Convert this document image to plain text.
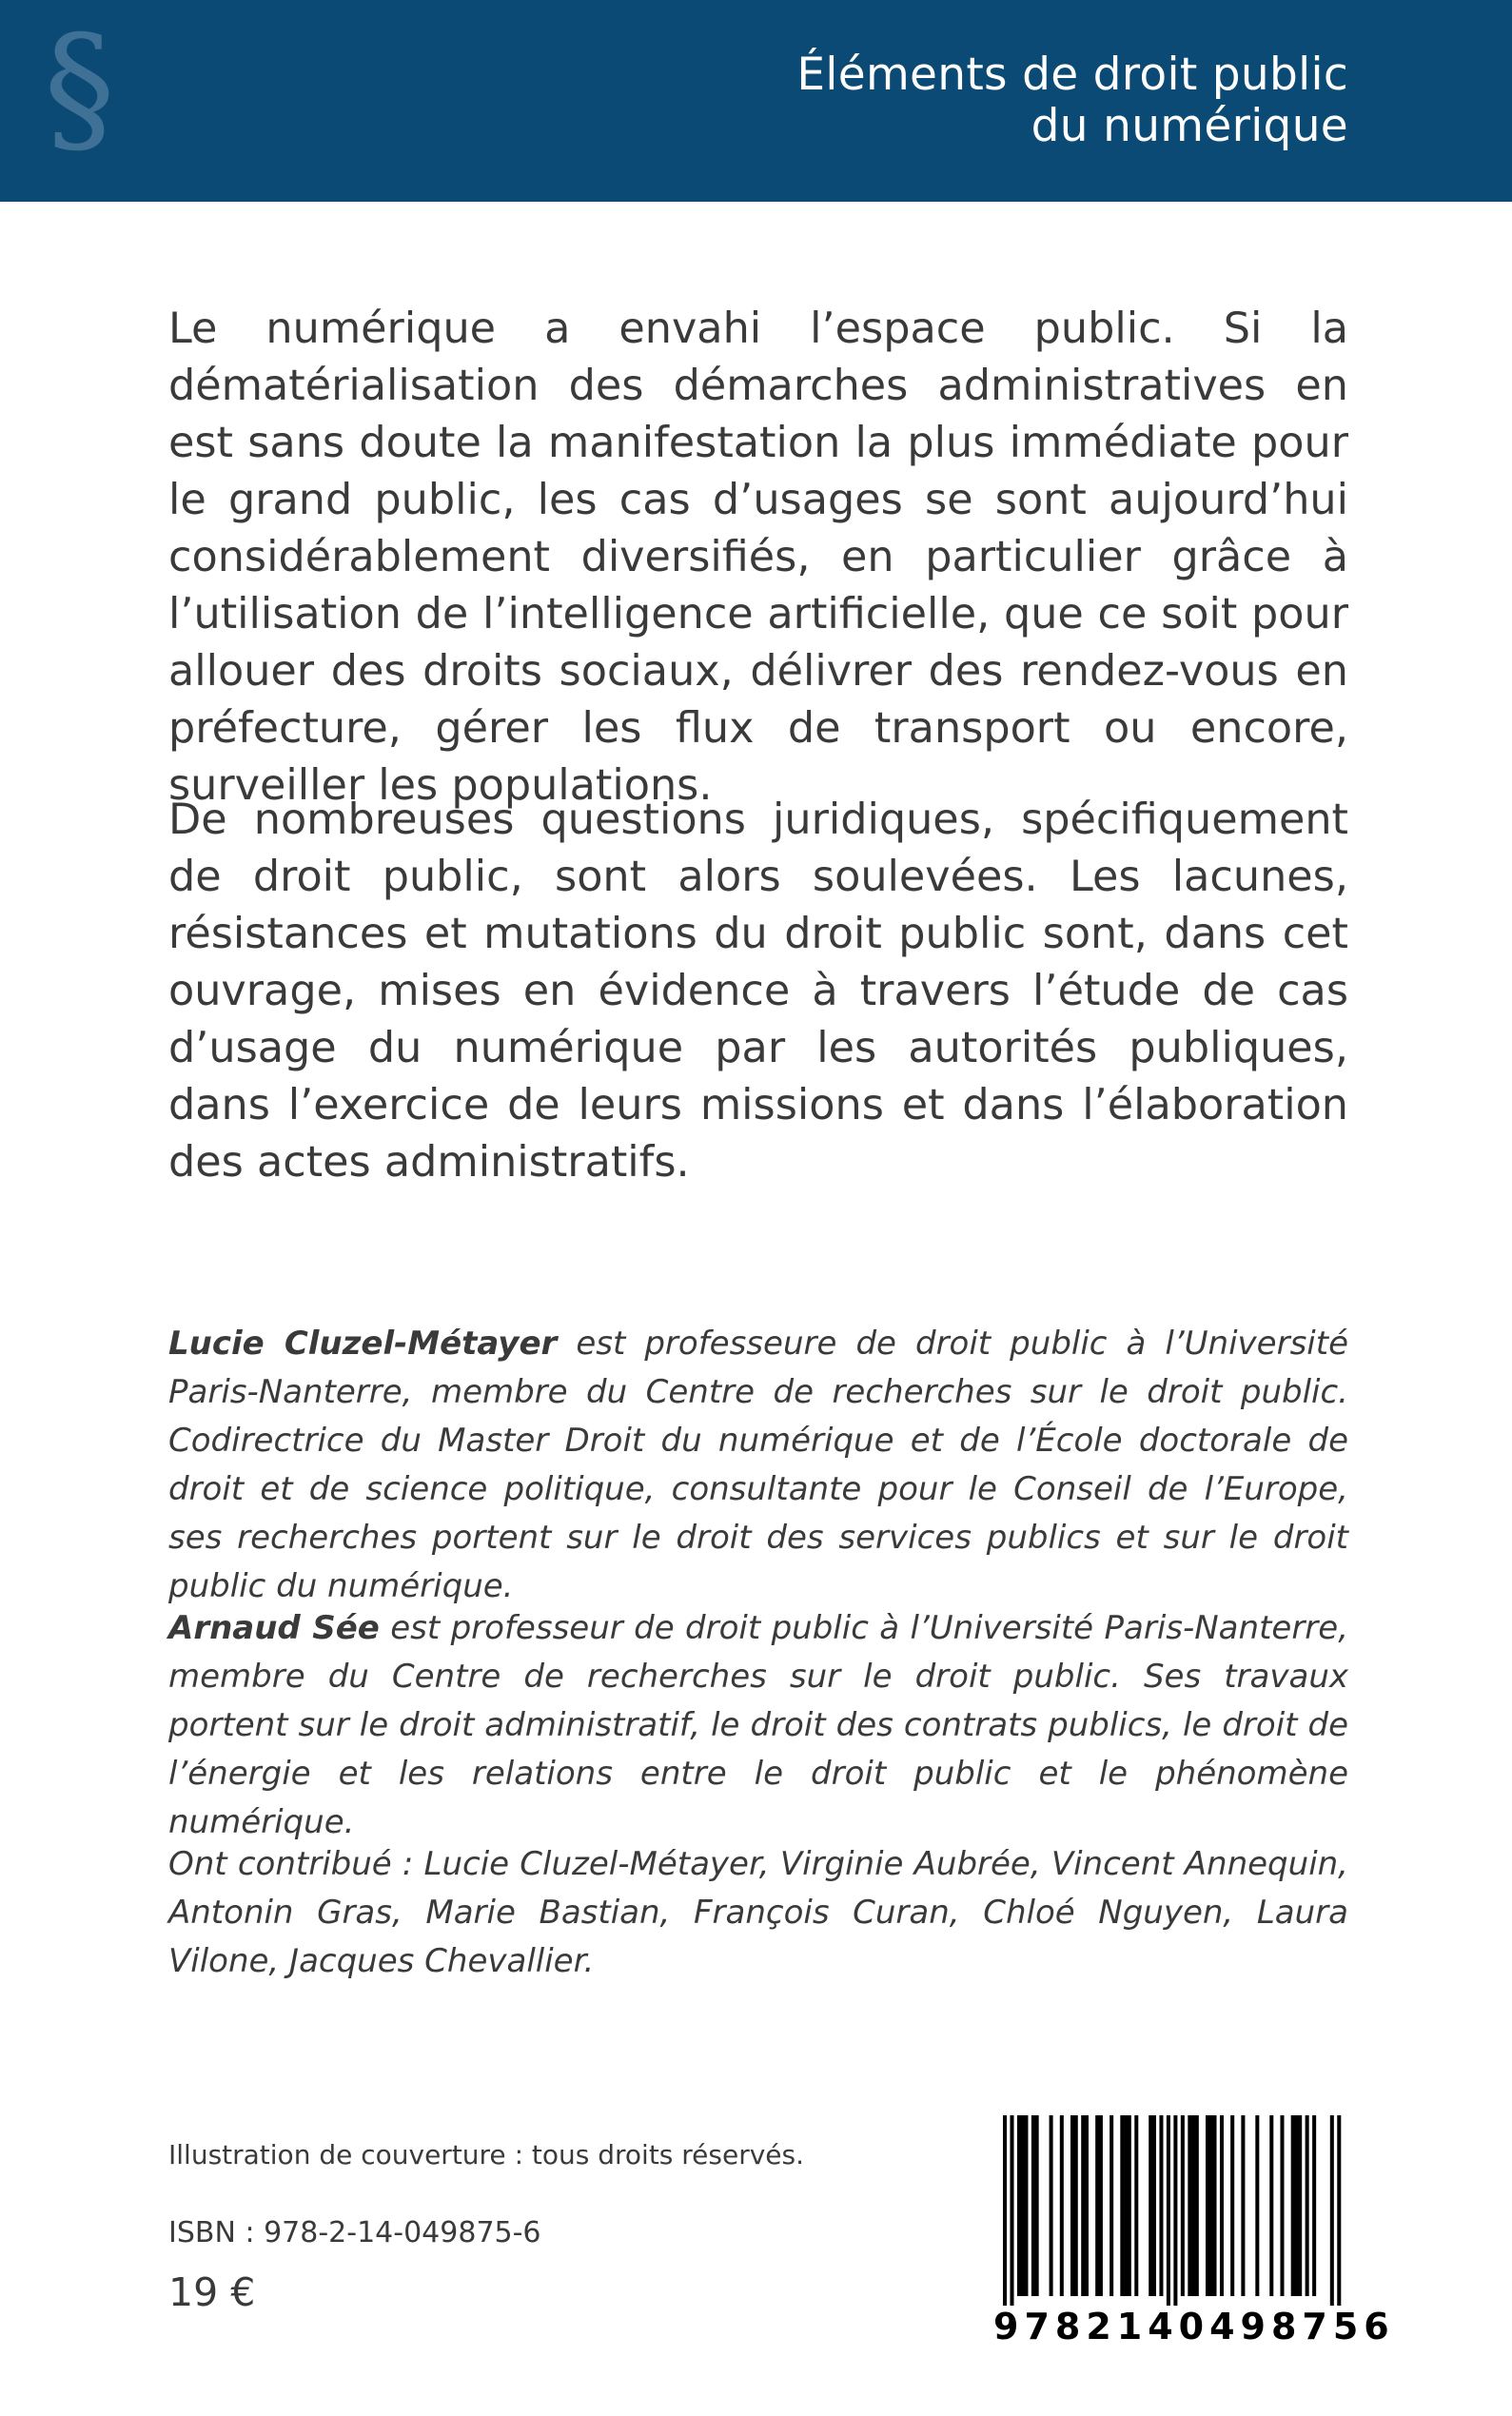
§	Éléments de droit public
du numérique

Le numérique a envahi l’espace public. Si la dématérialisation des démarches administratives en est sans doute la manifestation la plus immédiate pour le grand public, les cas d’usages se sont aujourd’hui considérablement diversifiés, en particulier grâce à l’utilisation de l’intelligence artificielle, que ce soit pour allouer des droits sociaux, délivrer des rendez-vous en préfecture, gérer les flux de transport ou encore, surveiller les populations.

De nombreuses questions juridiques, spécifiquement de droit public, sont alors soulevées. Les lacunes, résistances et mutations du droit public sont, dans cet ouvrage, mises en évidence à travers l’étude de cas d’usage du numérique par les autorités publiques, dans l’exercice de leurs missions et dans l’élaboration des actes administratifs.

Lucie Cluzel-Métayer est professeure de droit public à l’Université Paris-Nanterre, membre du Centre de recherches sur le droit public. Codirectrice du Master Droit du numérique et de l’École doctorale de droit et de science politique, consultante pour le Conseil de l’Europe, ses recherches portent sur le droit des services publics et sur le droit public du numérique.

Arnaud Sée est professeur de droit public à l’Université Paris-Nanterre, membre du Centre de recherches sur le droit public. Ses travaux portent sur le droit administratif, le droit des contrats publics, le droit de l’énergie et les relations entre le droit public et le phénomène numérique.

Ont contribué : Lucie Cluzel-Métayer, Virginie Aubrée, Vincent Annequin, Antonin Gras, Marie Bastian, François Curan, Chloé Nguyen, Laura Vilone, Jacques Chevallier.

Illustration de couverture : tous droits réservés.

ISBN : 978-2-14-049875-6

19 €

9782140498756
